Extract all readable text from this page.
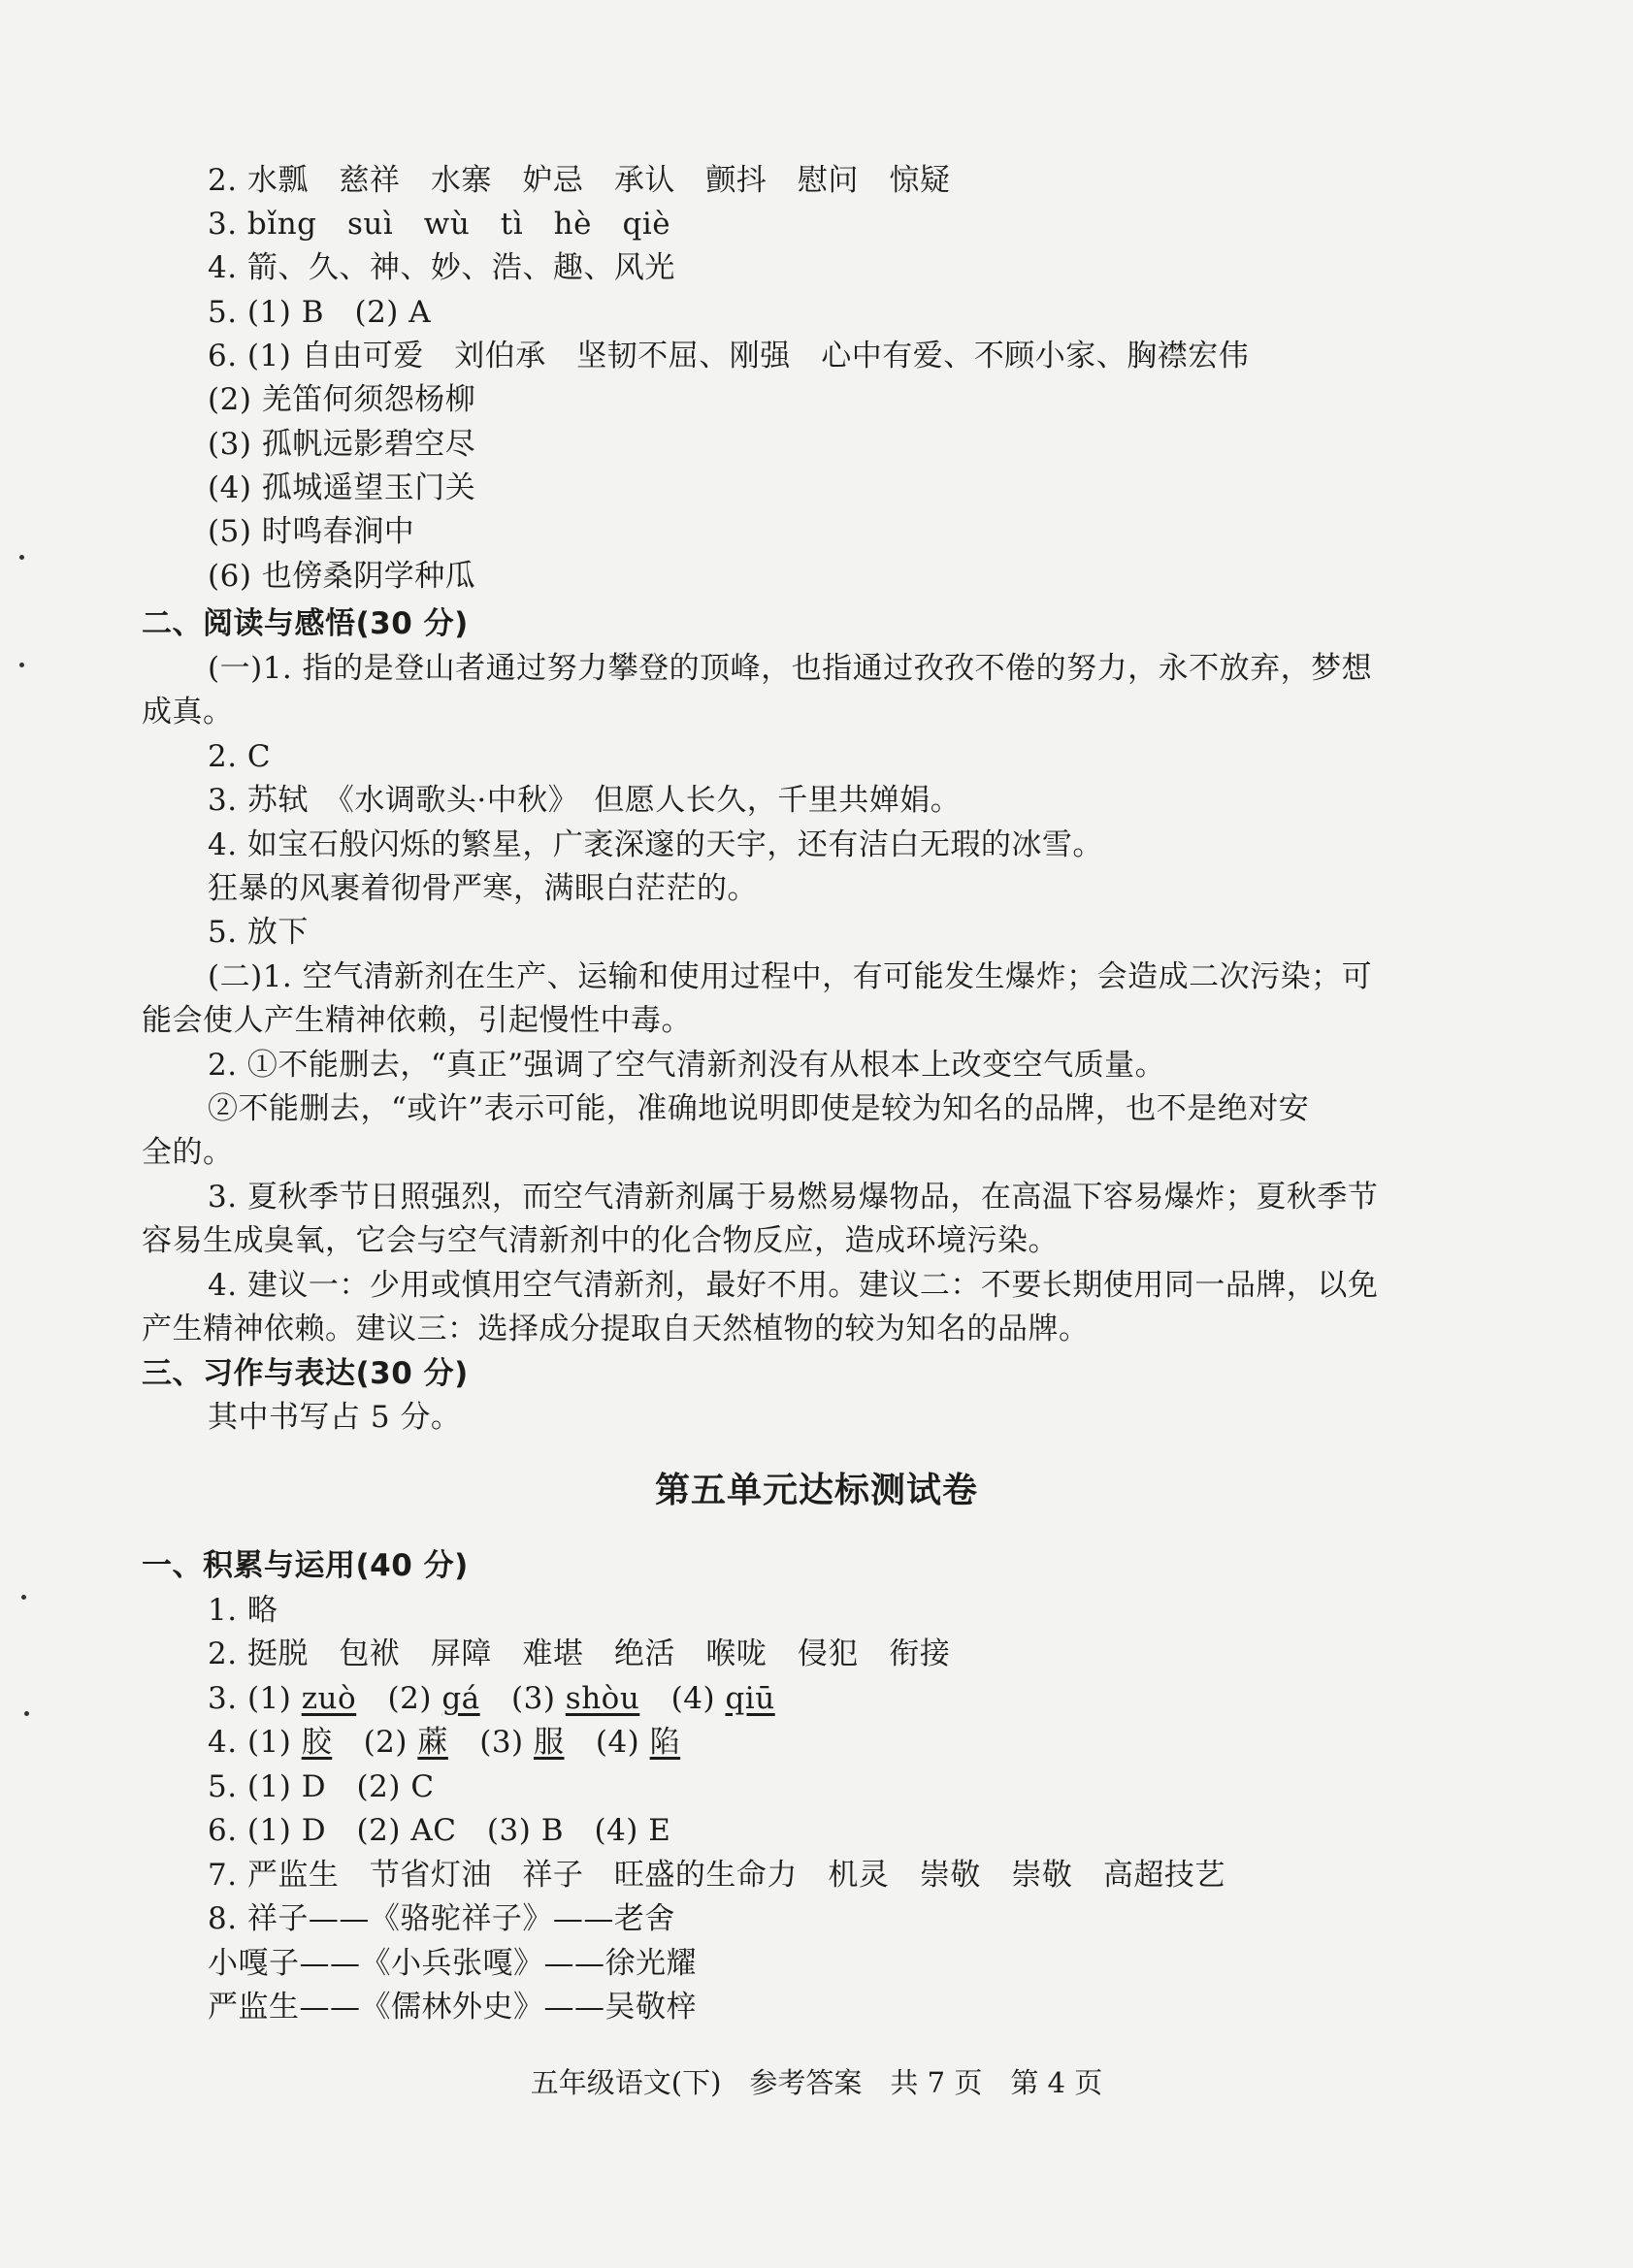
2. 水瓢　慈祥　水寨　妒忌　承认　颤抖　慰问　惊疑
3. bǐng　suì　wù　tì　hè　qiè
4. 箭、久、神、妙、浩、趣、风光
5. (1) B　(2) A
6. (1) 自由可爱　刘伯承　坚韧不屈、刚强　心中有爱、不顾小家、胸襟宏伟
(2) 羌笛何须怨杨柳
(3) 孤帆远影碧空尽
(4) 孤城遥望玉门关
(5) 时鸣春涧中
(6) 也傍桑阴学种瓜
二、阅读与感悟(30 分)
(一)1. 指的是登山者通过努力攀登的顶峰，也指通过孜孜不倦的努力，永不放弃，梦想
成真。
2. C
3. 苏轼　《水调歌头·中秋》　但愿人长久，千里共婵娟。
4. 如宝石般闪烁的繁星，广袤深邃的天宇，还有洁白无瑕的冰雪。
狂暴的风裹着彻骨严寒，满眼白茫茫的。
5. 放下
(二)1. 空气清新剂在生产、运输和使用过程中，有可能发生爆炸；会造成二次污染；可
能会使人产生精神依赖，引起慢性中毒。
2. ①不能删去，“真正”强调了空气清新剂没有从根本上改变空气质量。
②不能删去，“或许”表示可能，准确地说明即使是较为知名的品牌，也不是绝对安
全的。
3. 夏秋季节日照强烈，而空气清新剂属于易燃易爆物品，在高温下容易爆炸；夏秋季节
容易生成臭氧，它会与空气清新剂中的化合物反应，造成环境污染。
4. 建议一：少用或慎用空气清新剂，最好不用。建议二：不要长期使用同一品牌，以免
产生精神依赖。建议三：选择成分提取自天然植物的较为知名的品牌。
三、习作与表达(30 分)
其中书写占 5 分。
第五单元达标测试卷
一、积累与运用(40 分)
1. 略
2. 挺脱　包袱　屏障　难堪　绝活　喉咙　侵犯　衔接
3. (1) zuò (2) gá (3) shòu (4) qiū
4. (1) 胶 (2) 蔴 (3) 服 (4) 陷
5. (1) D　(2) C
6. (1) D　(2) AC　(3) B　(4) E
7. 严监生　节省灯油　祥子　旺盛的生命力　机灵　崇敬　崇敬　高超技艺
8. 祥子——《骆驼祥子》——老舍
小嘎子——《小兵张嘎》——徐光耀
严监生——《儒林外史》——吴敬梓
五年级语文(下)　参考答案　共 7 页　第 4 页
